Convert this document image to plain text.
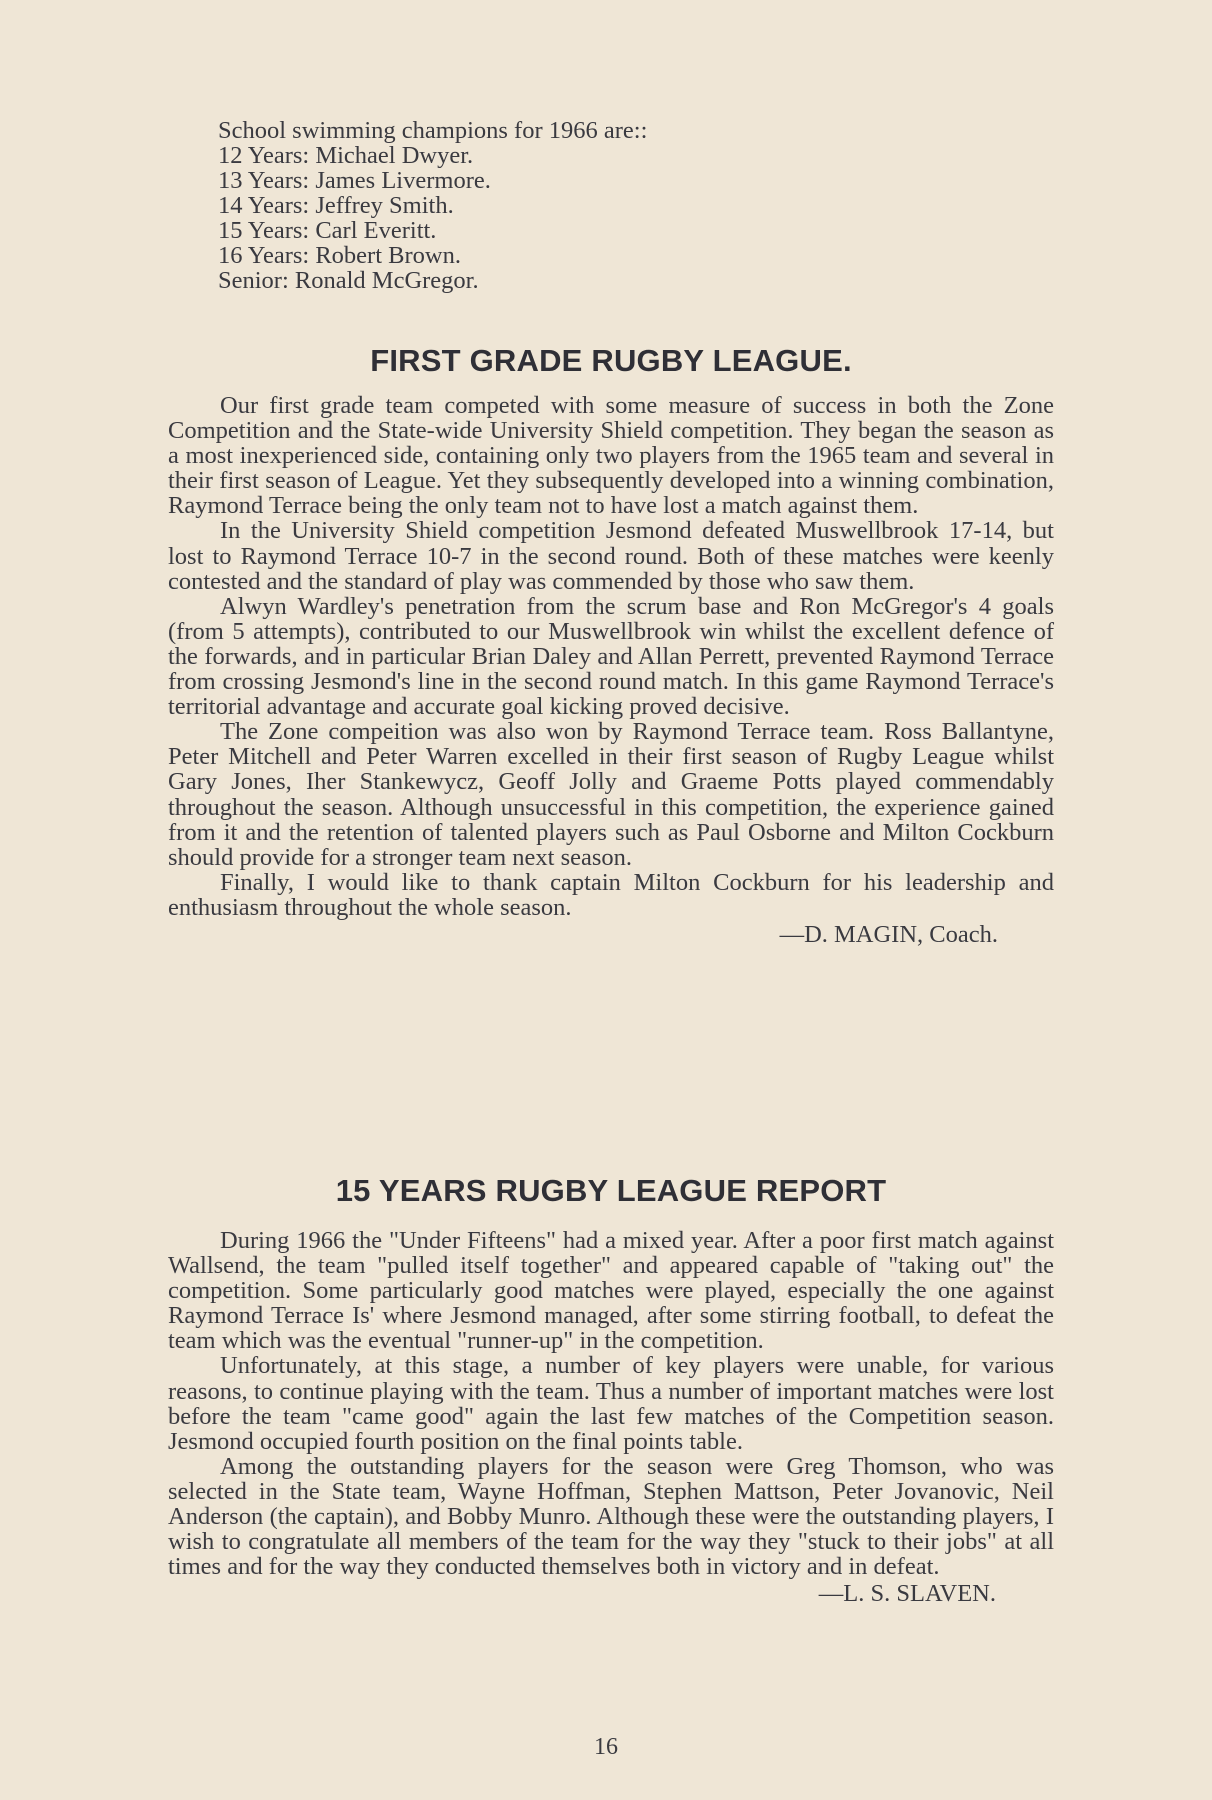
School swimming champions for 1966 are::
12 Years: Michael Dwyer.
13 Years: James Livermore.
14 Years: Jeffrey Smith.
15 Years: Carl Everitt.
16 Years: Robert Brown.
Senior: Ronald McGregor.
FIRST GRADE RUGBY LEAGUE.

Our first grade team competed with some measure of success in both the Zone Competition and the State-wide University Shield competition. They began the season as a most inexperienced side, containing only two players from the 1965 team and several in their first season of League. Yet they subsequently developed into a winning combination, Raymond Terrace being the only team not to have lost a match against them.

In the University Shield competition Jesmond defeated Muswellbrook 17-14, but lost to Raymond Terrace 10-7 in the second round. Both of these matches were keenly contested and the standard of play was commended by those who saw them.

Alwyn Wardley's penetration from the scrum base and Ron McGregor's 4 goals (from 5 attempts), contributed to our Muswellbrook win whilst the excellent defence of the forwards, and in particular Brian Daley and Allan Perrett, prevented Raymond Terrace from crossing Jesmond's line in the second round match. In this game Raymond Terrace's territorial advantage and accurate goal kicking proved decisive.

The Zone compeition was also won by Raymond Terrace team. Ross Ballantyne, Peter Mitchell and Peter Warren excelled in their first season of Rugby League whilst Gary Jones, Iher Stankewycz, Geoff Jolly and Graeme Potts played commendably throughout the season. Although unsuccessful in this competition, the experience gained from it and the retention of talented players such as Paul Osborne and Milton Cockburn should provide for a stronger team next season.

Finally, I would like to thank captain Milton Cockburn for his leadership and enthusiasm throughout the whole season.

—D. MAGIN, Coach.

15 YEARS RUGBY LEAGUE REPORT

During 1966 the "Under Fifteens" had a mixed year. After a poor first match against Wallsend, the team "pulled itself together" and appeared capable of "taking out" the competition. Some particularly good matches were played, especially the one against Raymond Terrace Is' where Jesmond managed, after some stirring football, to defeat the team which was the eventual "runner-up" in the competition.

Unfortunately, at this stage, a number of key players were unable, for various reasons, to continue playing with the team. Thus a number of important matches were lost before the team "came good" again the last few matches of the Competition season. Jesmond occupied fourth position on the final points table.

Among the outstanding players for the season were Greg Thomson, who was selected in the State team, Wayne Hoffman, Stephen Mattson, Peter Jovanovic, Neil Anderson (the captain), and Bobby Munro. Although these were the outstanding players, I wish to congratulate all members of the team for the way they "stuck to their jobs" at all times and for the way they conducted themselves both in victory and in defeat.

—L. S. SLAVEN.

16
